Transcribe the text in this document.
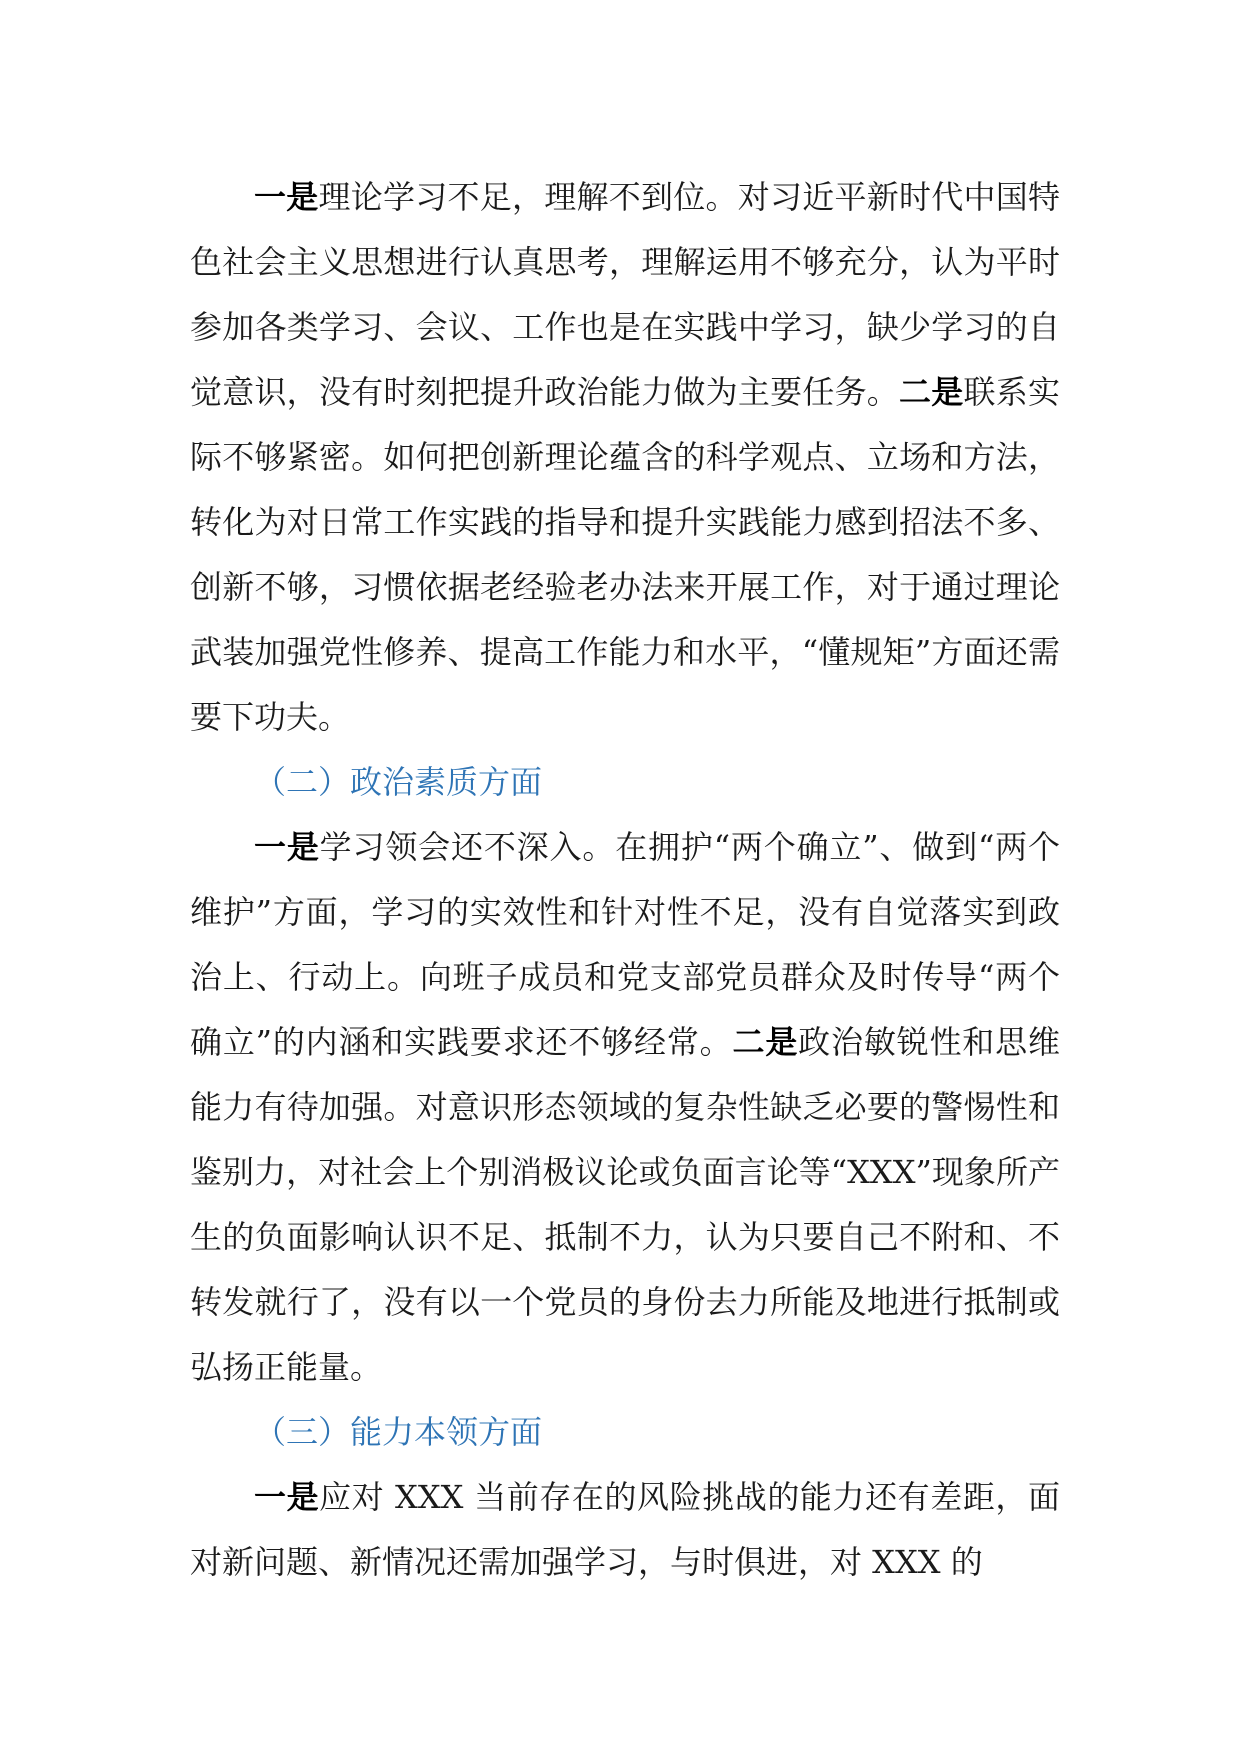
一是理论学习不足，理解不到位。对习近平新时代中国特色社会主义思想进行认真思考，理解运用不够充分，认为平时参加各类学习、会议、工作也是在实践中学习，缺少学习的自觉意识，没有时刻把提升政治能力做为主要任务。二是联系实际不够紧密。如何把创新理论蕴含的科学观点、立场和方法，转化为对日常工作实践的指导和提升实践能力感到招法不多、创新不够，习惯依据老经验老办法来开展工作，对于通过理论武装加强党性修养、提高工作能力和水平，“懂规矩”方面还需要下功夫。

（二）政治素质方面

一是学习领会还不深入。在拥护“两个确立”、做到“两个维护”方面，学习的实效性和针对性不足，没有自觉落实到政治上、行动上。向班子成员和党支部党员群众及时传导“两个确立”的内涵和实践要求还不够经常。二是政治敏锐性和思维能力有待加强。对意识形态领域的复杂性缺乏必要的警惕性和鉴别力，对社会上个别消极议论或负面言论等“XXX”现象所产生的负面影响认识不足、抵制不力，认为只要自己不附和、不转发就行了，没有以一个党员的身份去力所能及地进行抵制或弘扬正能量。

（三）能力本领方面

一是应对 XXX 当前存在的风险挑战的能力还有差距，面对新问题、新情况还需加强学习，与时俱进，对 XXX 的
